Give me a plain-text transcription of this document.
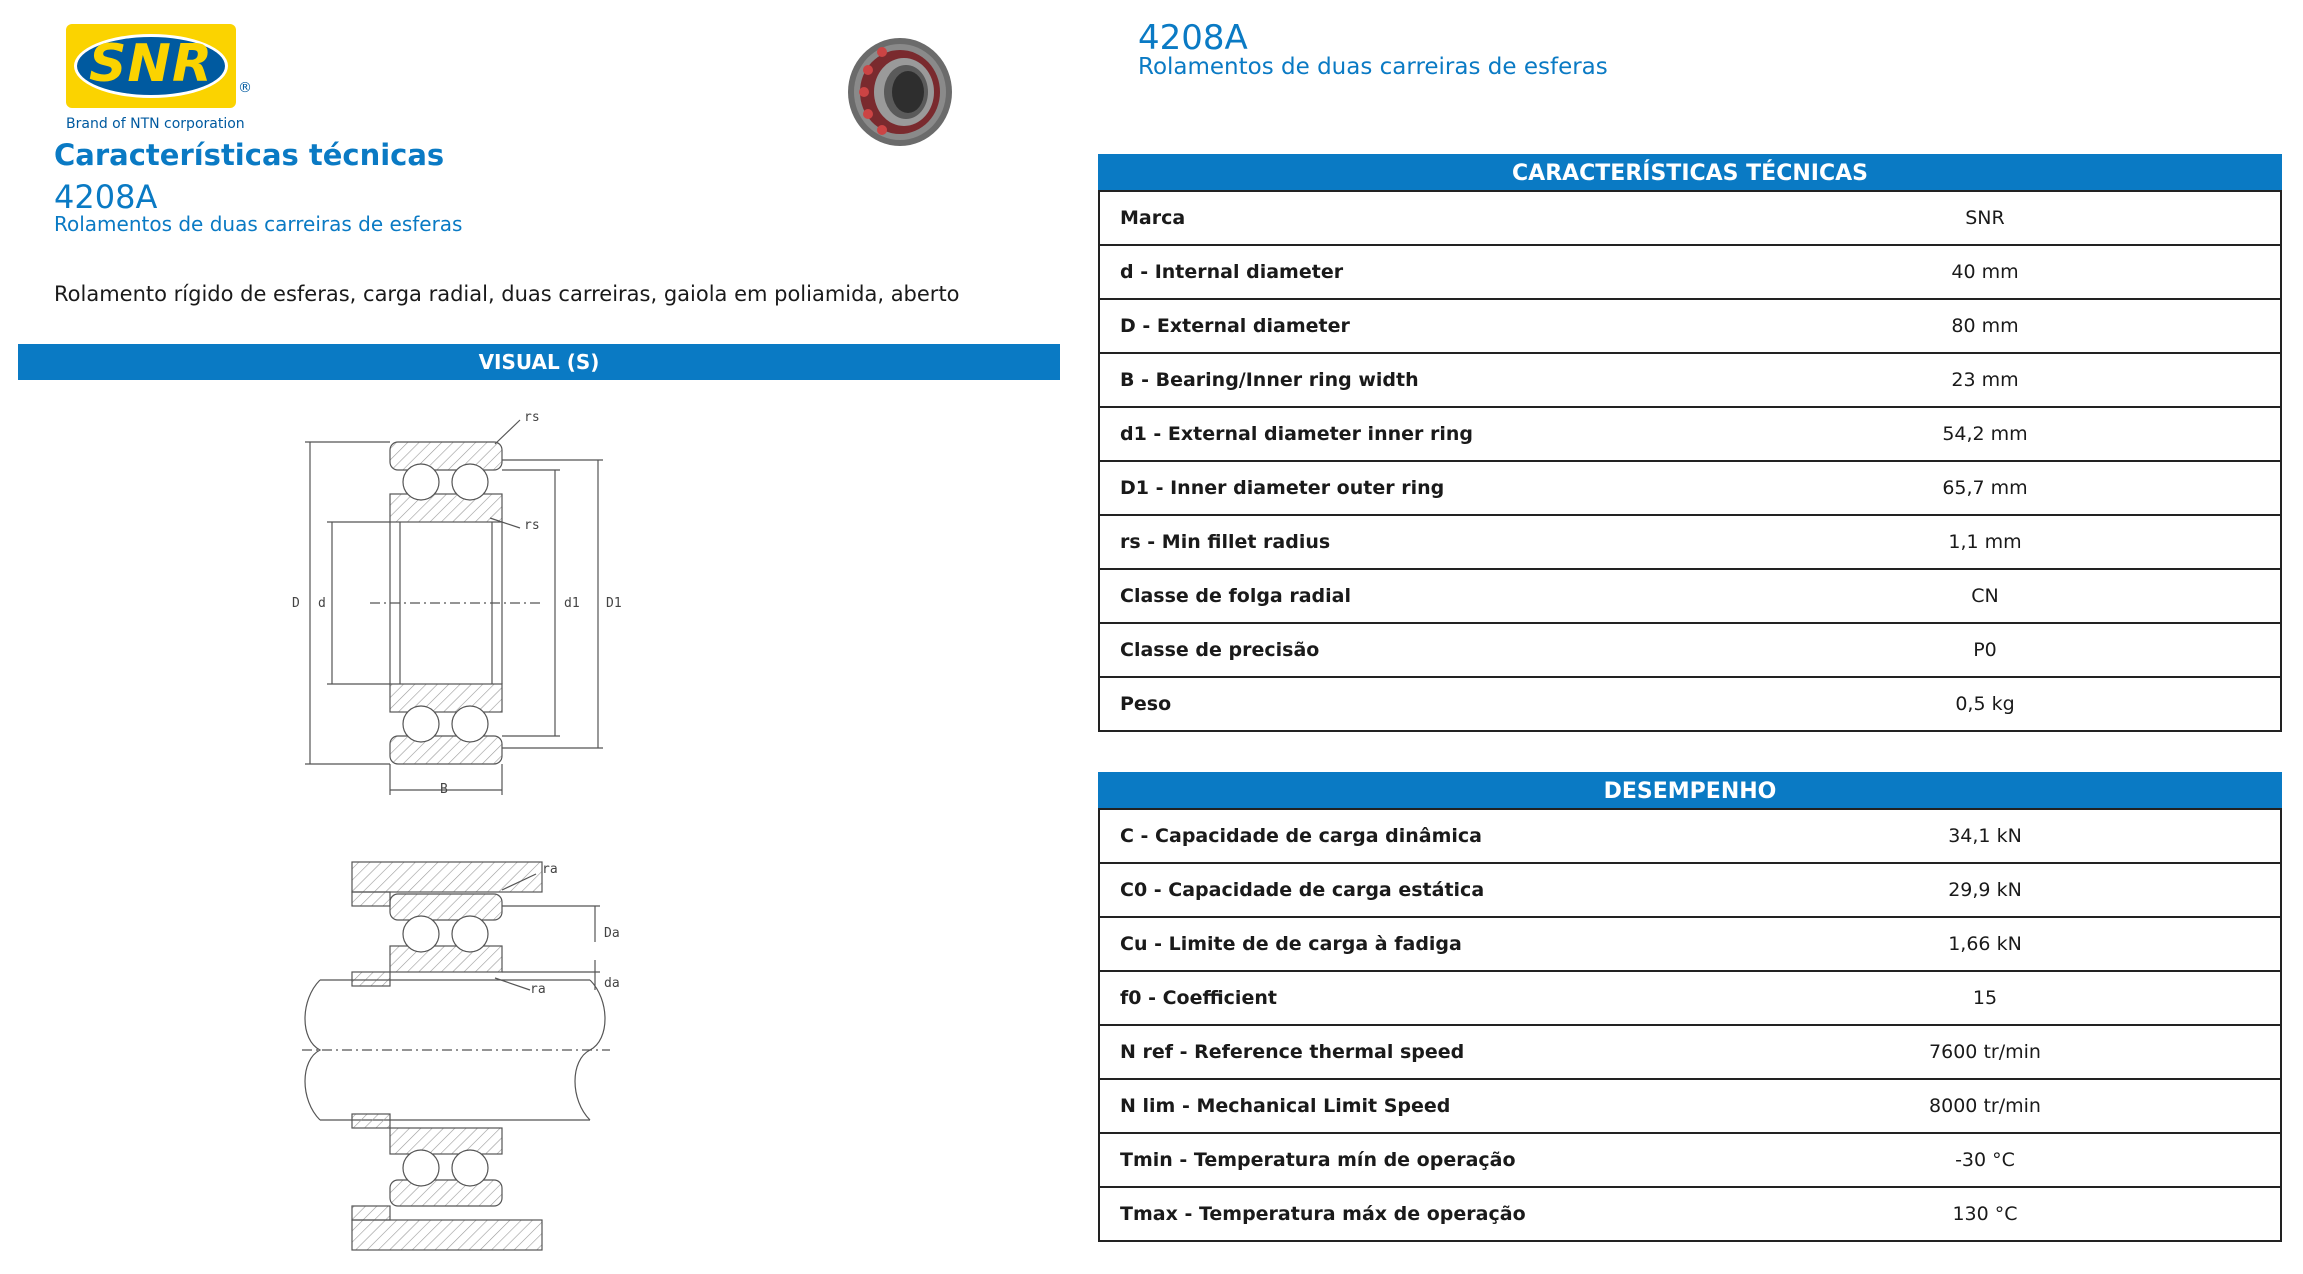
SNR	®
Brand of NTN corporation
Características técnicas
4208A
Rolamentos de duas carreiras de esferas
Rolamento rígido de esferas, carga radial, duas carreiras, gaiola em poliamida, aberto
VISUAL (S)
4208A
Rolamentos de duas carreiras de esferas
rs
rs
D d	d1 D1
B
ra
Da
da
ra
CARACTERÍSTICAS TÉCNICAS
Marca	SNR
d - Internal diameter	40 mm
D - External diameter	80 mm
B - Bearing/Inner ring width	23 mm
d1 - External diameter inner ring	54,2 mm
D1 - Inner diameter outer ring	65,7 mm
rs - Min fillet radius	1,1 mm
Classe de folga radial	CN
Classe de precisão	P0
Peso	0,5 kg
DESEMPENHO
C - Capacidade de carga dinâmica	34,1 kN
C0 - Capacidade de carga estática	29,9 kN
Cu - Limite de de carga à fadiga	1,66 kN
f0 - Coefficient	15
N ref - Reference thermal speed	7600 tr/min
N lim - Mechanical Limit Speed	8000 tr/min
Tmin - Temperatura mín de operação	-30 °C
Tmax - Temperatura máx de operação	130 °C
